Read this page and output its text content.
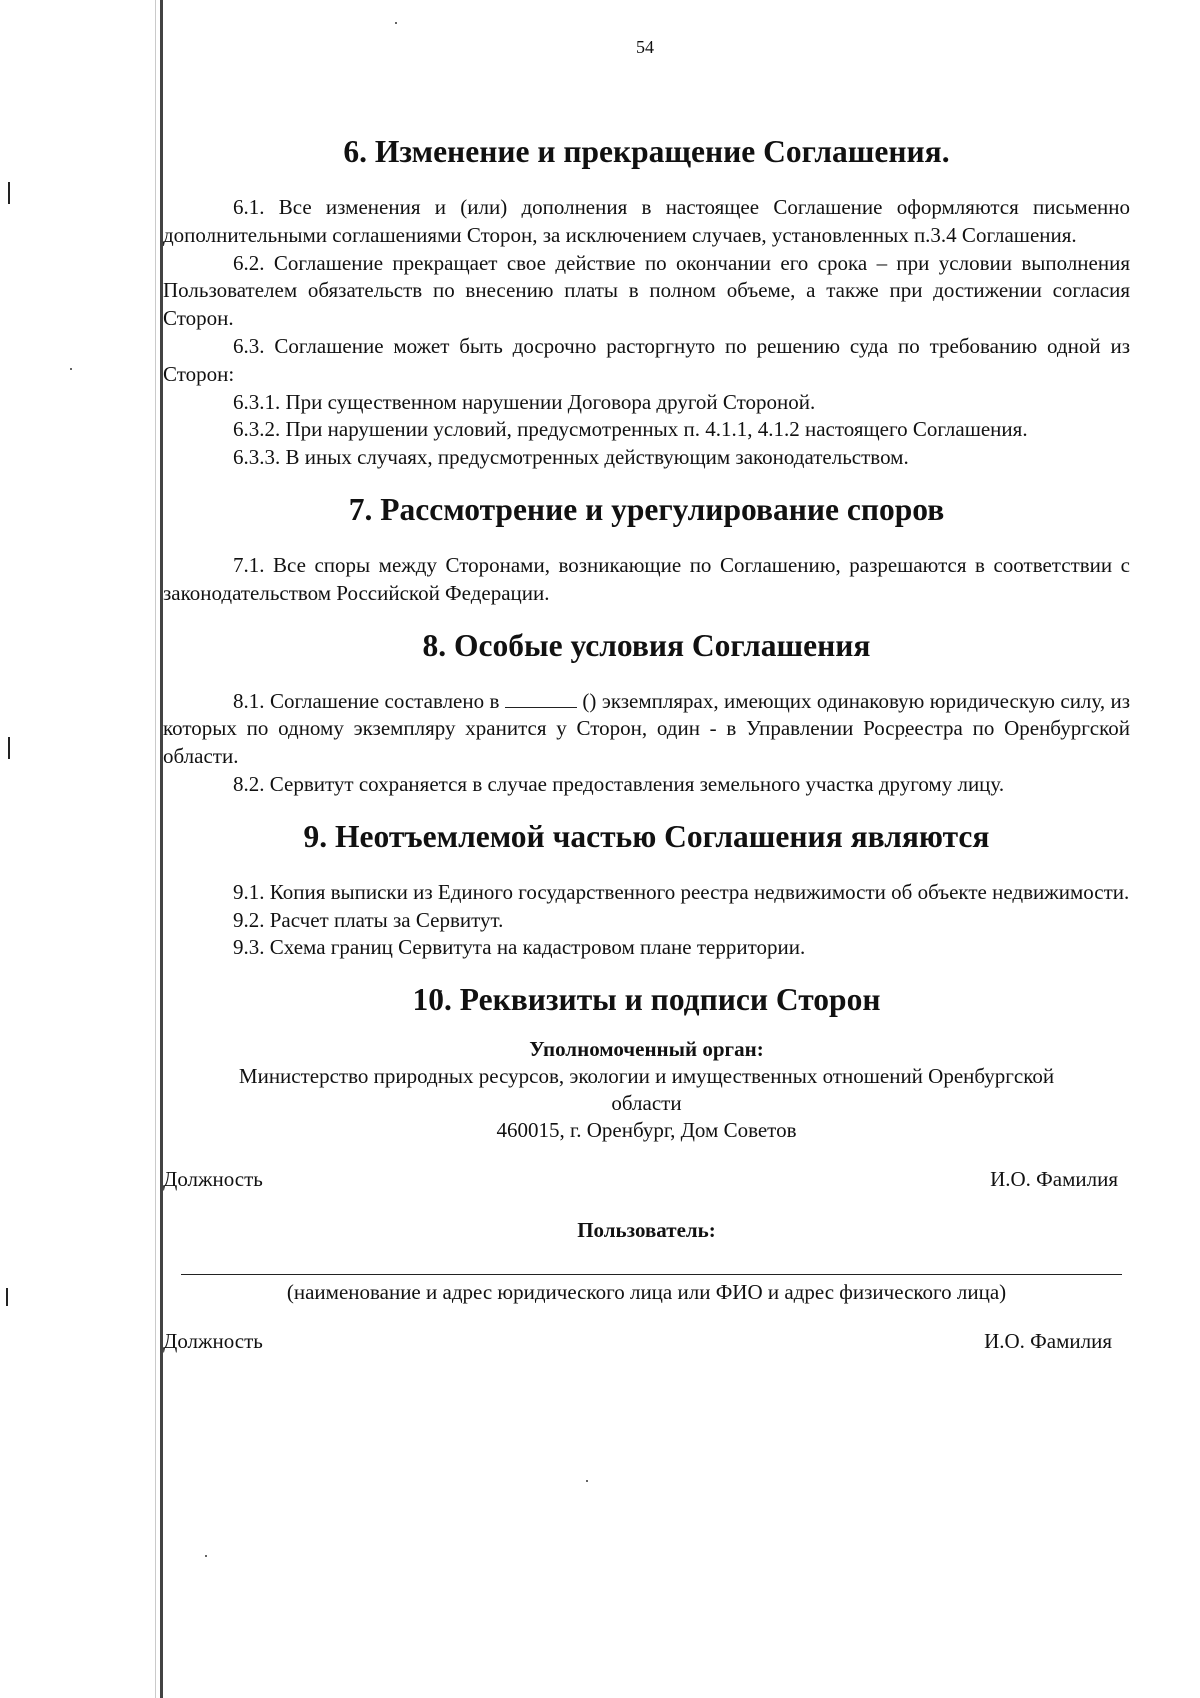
54
6. Изменение и прекращение Соглашения.

6.1. Все изменения и (или) дополнения в настоящее Соглашение оформляются письменно дополнительными соглашениями Сторон, за исключением случаев, установленных п.3.4 Соглашения.

6.2. Соглашение прекращает свое действие по окончании его срока – при условии выполнения Пользователем обязательств по внесению платы в полном объеме, а также при достижении согласия Сторон.

6.3. Соглашение может быть досрочно расторгнуто по решению суда по требованию одной из Сторон:

6.3.1. При существенном нарушении Договора другой Стороной.

6.3.2. При нарушении условий, предусмотренных п. 4.1.1, 4.1.2 настоящего Соглашения.

6.3.3. В иных случаях, предусмотренных действующим законодательством.

7. Рассмотрение и урегулирование споров

7.1. Все споры между Сторонами, возникающие по Соглашению, разрешаются в соответствии с законодательством Российской Федерации.

8. Особые условия Соглашения

8.1. Соглашение составлено в	() экземплярах, имеющих одинаковую юридическую силу, из которых по одному экземпляру хранится у Сторон, один - в Управлении Росреестра по Оренбургской области.

8.2. Сервитут сохраняется в случае предоставления земельного участка другому лицу.

9. Неотъемлемой частью Соглашения являются

9.1. Копия выписки из Единого государственного реестра недвижимости об объекте недвижимости.

9.2. Расчет платы за Сервитут.

9.3. Схема границ Сервитута на кадастровом плане территории.

10. Реквизиты и подписи Сторон

Уполномоченный орган:

Министерство природных ресурсов, экологии и имущественных отношений Оренбургской

области

460015, г. Оренбург, Дом Советов

Должность	И.О. Фамилия

Пользователь:

(наименование и адрес юридического лица или ФИО и адрес физического лица)

Должность	И.О. Фамилия
